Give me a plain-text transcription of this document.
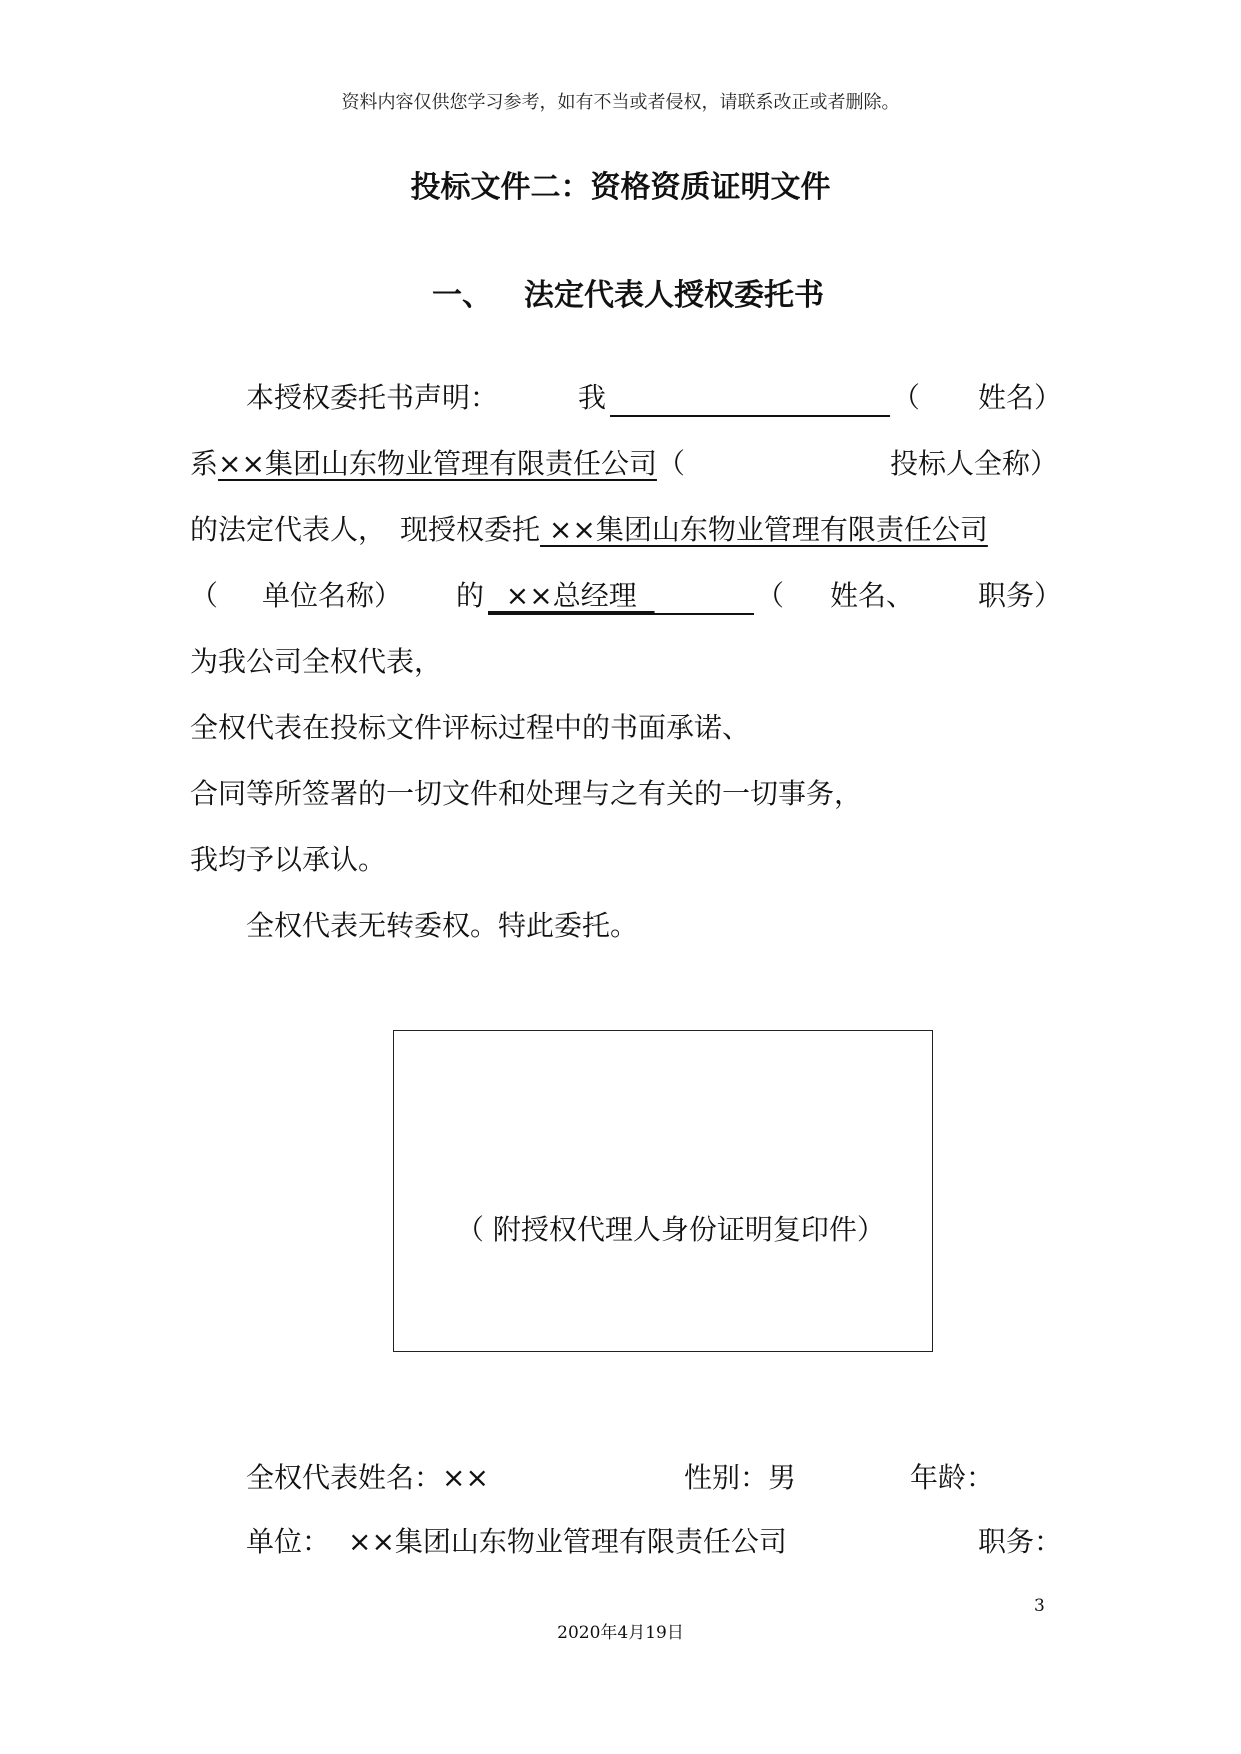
资料内容仅供您学习参考，如有不当或者侵权，请联系改正或者删除。
投标文件二：资格资质证明文件
一、 法定代表人授权委托书
本授权委托书声明：	我	（ 姓名）
系××集团山东物业管理有限责任公司（	投标人全称）
的法定代表人， 现授权委托 ××集团山东物业管理有限责任公司
（ 单位名称） 的 ××总经理	（ 姓名、 职务）
为我公司全权代表，
全权代表在投标文件评标过程中的书面承诺、
合同等所签署的一切文件和处理与之有关的一切事务，
我均予以承认。
全权代表无转委权。特此委托。
（ 附授权代理人身份证明复印件）
全权代表姓名：××	性别：男	年龄：
单位： ××集团山东物业管理有限责任公司	职务：
3
2020年4月19日
